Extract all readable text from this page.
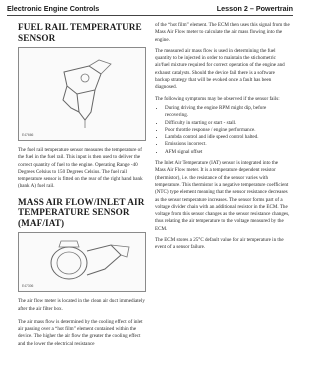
Electronic Engine Controls	Lesson 2 – Powertrain
FUEL RAIL TEMPERATURE SENSOR
E47666

The fuel rail temperature sensor measures the temperature of the fuel in the fuel rail. This input is then used to deliver the correct quantity of fuel to the engine. Operating Range -40 Degrees Celsius to 150 Degrees Celsius. The fuel rail temperature sensor is fitted on the rear of the right hand bank (bank A) fuel rail.

MASS AIR FLOW/INLET AIR TEMPERATURE SENSOR (MAF/IAT)
E47306

The air flow meter is located in the clean air duct immediately after the air filter box.

The air mass flow is determined by the cooling effect of inlet air passing over a “hot film” element contained within the device. The higher the air flow the greater the cooling effect and the lower the electrical resistance

of the “hot film” element. The ECM then uses this signal from the Mass Air Flow meter to calculate the air mass flowing into the engine.

The measured air mass flow is used in determining the fuel quantity to be injected in order to maintain the stichometric air/fuel mixture required for correct operation of the engine and exhaust catalysts. Should the device fail there is a software backup strategy that will be evoked once a fault has been diagnosed.

The following symptoms may be observed if the sensor fails:

• During driving the engine RPM might dip, before recovering.
• Difficulty in starting or start - stall.
• Poor throttle response / engine performance.
• Lambda control and idle speed control halted.
• Emissions incorrect.
• AFM signal offset

The Inlet Air Temperature (IAT) sensor is integrated into the Mass Air Flow meter. It is a temperature dependent resistor (thermistor), i.e. the resistance of the sensor varies with temperature. This thermistor is a negative temperature coefficient (NTC) type element meaning that the sensor resistance decreases as the sensor temperature increases. The sensor forms part of a voltage divider chain with an additional resistor in the ECM. The voltage from this sensor changes as the sensor resistance changes, thus relating the air temperature to the voltage measured by the ECM.

The ECM stores a 25°C default value for air temperature in the event of a sensor failure.
